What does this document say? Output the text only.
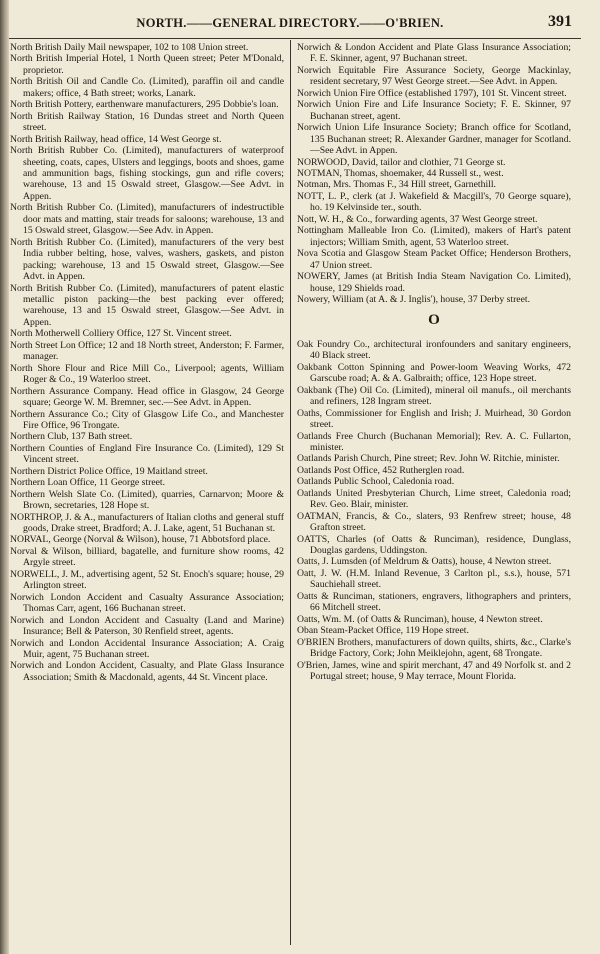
NORTH.——GENERAL DIRECTORY.——O'BRIEN.	391

North British Daily Mail newspaper, 102 to 108 Union street.

North British Imperial Hotel, 1 North Queen street; Peter M'Donald, proprietor.

North British Oil and Candle Co. (Limited), paraffin oil and candle makers; office, 4 Bath street; works, Lanark.

North British Pottery, earthenware manufacturers, 295 Dobbie's loan.

North British Railway Station, 16 Dundas street and North Queen street.

North British Railway, head office, 14 West George st.

North British Rubber Co. (Limited), manufacturers of waterproof sheeting, coats, capes, Ulsters and leggings, boots and shoes, game and ammunition bags, fishing stockings, gun and rifle covers; warehouse, 13 and 15 Oswald street, Glasgow.—See Advt. in Appen.

North British Rubber Co. (Limited), manufacturers of indestructible door mats and matting, stair treads for saloons; warehouse, 13 and 15 Oswald street, Glasgow.—See Adv. in Appen.

North British Rubber Co. (Limited), manufacturers of the very best India rubber belting, hose, valves, washers, gaskets, and piston packing; warehouse, 13 and 15 Oswald street, Glasgow.—See Advt. in Appen.

North British Rubber Co. (Limited), manufacturers of patent elastic metallic piston packing—the best packing ever offered; warehouse, 13 and 15 Oswald street, Glasgow.—See Advt. in Appen.

North Motherwell Colliery Office, 127 St. Vincent street.

North Street Lon Office; 12 and 18 North street, Anderston; F. Farmer, manager.

North Shore Flour and Rice Mill Co., Liverpool; agents, William Roger & Co., 19 Waterloo street.

Northern Assurance Company. Head office in Glasgow, 24 George square; George W. M. Bremner, sec.—See Advt. in Appen.

Northern Assurance Co.; City of Glasgow Life Co., and Manchester Fire Office, 96 Trongate.

Northern Club, 137 Bath street.

Northern Counties of England Fire Insurance Co. (Limited), 129 St Vincent street.

Northern District Police Office, 19 Maitland street.

Northern Loan Office, 11 George street.

Northern Welsh Slate Co. (Limited), quarries, Carnarvon; Moore & Brown, secretaries, 128 Hope st.

NORTHROP, J. & A., manufacturers of Italian cloths and general stuff goods, Drake street, Bradford; A. J. Lake, agent, 51 Buchanan st.

NORVAL, George (Norval & Wilson), house, 71 Abbotsford place.

Norval & Wilson, billiard, bagatelle, and furniture show rooms, 42 Argyle street.

NORWELL, J. M., advertising agent, 52 St. Enoch's square; house, 29 Arlington street.

Norwich London Accident and Casualty Assurance Association; Thomas Carr, agent, 166 Buchanan street.

Norwich and London Accident and Casualty (Land and Marine) Insurance; Bell & Paterson, 30 Renfield street, agents.

Norwich and London Accidental Insurance Association; A. Craig Muir, agent, 75 Buchanan street.

Norwich and London Accident, Casualty, and Plate Glass Insurance Association; Smith & Macdonald, agents, 44 St. Vincent place.

Norwich & London Accident and Plate Glass Insurance Association; F. E. Skinner, agent, 97 Buchanan street.

Norwich Equitable Fire Assurance Society, George Mackinlay, resident secretary, 97 West George street.—See Advt. in Appen.

Norwich Union Fire Office (established 1797), 101 St. Vincent street.

Norwich Union Fire and Life Insurance Society; F. E. Skinner, 97 Buchanan street, agent.

Norwich Union Life Insurance Society; Branch office for Scotland, 135 Buchanan street; R. Alexander Gardner, manager for Scotland.—See Advt. in Appen.

NORWOOD, David, tailor and clothier, 71 George st.

NOTMAN, Thomas, shoemaker, 44 Russell st., west.

Notman, Mrs. Thomas F., 34 Hill street, Garnethill.

NOTT, L. P., clerk (at J. Wakefield & Macgill's, 70 George square), ho. 19 Kelvinside ter., south.

Nott, W. H., & Co., forwarding agents, 37 West George street.

Nottingham Malleable Iron Co. (Limited), makers of Hart's patent injectors; William Smith, agent, 53 Waterloo street.

Nova Scotia and Glasgow Steam Packet Office; Henderson Brothers, 47 Union street.

NOWERY, James (at British India Steam Navigation Co. Limited), house, 129 Shields road.

Nowery, William (at A. & J. Inglis'), house, 37 Derby street.

O

Oak Foundry Co., architectural ironfounders and sanitary engineers, 40 Black street.

Oakbank Cotton Spinning and Power-loom Weaving Works, 472 Garscube road; A. & A. Galbraith; office, 123 Hope street.

Oakbank (The) Oil Co. (Limited), mineral oil manufs., oil merchants and refiners, 128 Ingram street.

Oaths, Commissioner for English and Irish; J. Muirhead, 30 Gordon street.

Oatlands Free Church (Buchanan Memorial); Rev. A. C. Fullarton, minister.

Oatlands Parish Church, Pine street; Rev. John W. Ritchie, minister.

Oatlands Post Office, 452 Rutherglen road.

Oatlands Public School, Caledonia road.

Oatlands United Presbyterian Church, Lime street, Caledonia road; Rev. Geo. Blair, minister.

OATMAN, Francis, & Co., slaters, 93 Renfrew street; house, 48 Grafton street.

OATTS, Charles (of Oatts & Runciman), residence, Dunglass, Douglas gardens, Uddingston.

Oatts, J. Lumsden (of Meldrum & Oatts), house, 4 Newton street.

Oatt, J. W. (H.M. Inland Revenue, 3 Carlton pl., s.s.), house, 571 Sauchiehall street.

Oatts & Runciman, stationers, engravers, lithographers and printers, 66 Mitchell street.

Oatts, Wm. M. (of Oatts & Runciman), house, 4 Newton street.

Oban Steam-Packet Office, 119 Hope street.

O'BRIEN Brothers, manufacturers of down quilts, shirts, &c., Clarke's Bridge Factory, Cork; John Meiklejohn, agent, 68 Trongate.

O'Brien, James, wine and spirit merchant, 47 and 49 Norfolk st. and 2 Portugal street; house, 9 May terrace, Mount Florida.
